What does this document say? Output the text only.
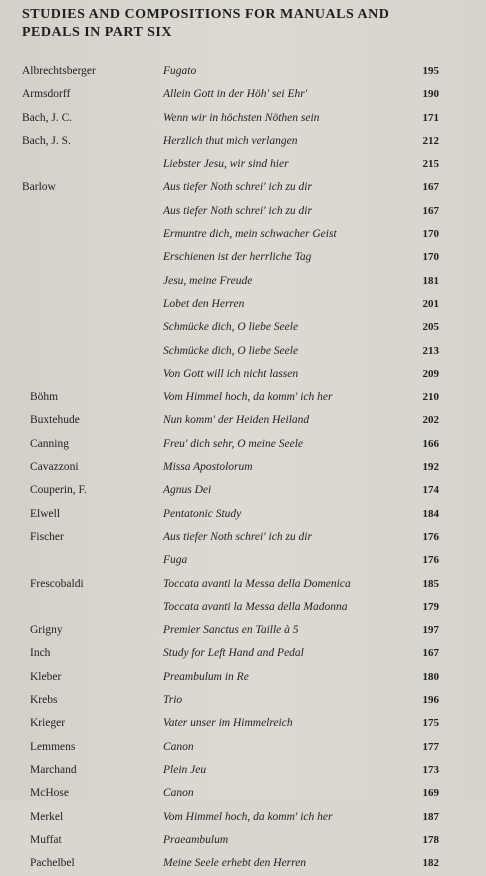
STUDIES AND COMPOSITIONS FOR MANUALS AND
PEDALS IN PART SIX
Albrechtsberger	Fugato	195
Armsdorff	Allein Gott in der Höh' sei Ehr'	190
Bach, J. C.	Wenn wir in höchsten Nöthen sein	171
Bach, J. S.	Herzlich thut mich verlangen	212
Liebster Jesu, wir sind hier	215
Barlow	Aus tiefer Noth schrei' ich zu dir	167
Aus tiefer Noth schrei' ich zu dir	167
Ermuntre dich, mein schwacher Geist	170
Erschienen ist der herrliche Tag	170
Jesu, meine Freude	181
Lobet den Herren	201
Schmücke dich, O liebe Seele	205
Schmücke dich, O liebe Seele	213
Von Gott will ich nicht lassen	209
Böhm	Vom Himmel hoch, da komm' ich her	210
Buxtehude	Nun komm' der Heiden Heiland	202
Canning	Freu' dich sehr, O meine Seele	166
Cavazzoni	Missa Apostolorum	192
Couperin, F.	Agnus Dei	174
Elwell	Pentatonic Study	184
Fischer	Aus tiefer Noth schrei' ich zu dir	176
Fuga	176
Frescobaldi	Toccata avanti la Messa della Domenica	185
Toccata avanti la Messa della Madonna	179
Grigny	Premier Sanctus en Taille à 5	197
Inch	Study for Left Hand and Pedal	167
Kleber	Preambulum in Re	180
Krebs	Trio	196
Krieger	Vater unser im Himmelreich	175
Lemmens	Canon	177
Marchand	Plein Jeu	173
McHose	Canon	169
Merkel	Vom Himmel hoch, da komm' ich her	187
Muffat	Praeambulum	178
Pachelbel	Meine Seele erhebt den Herren	182
